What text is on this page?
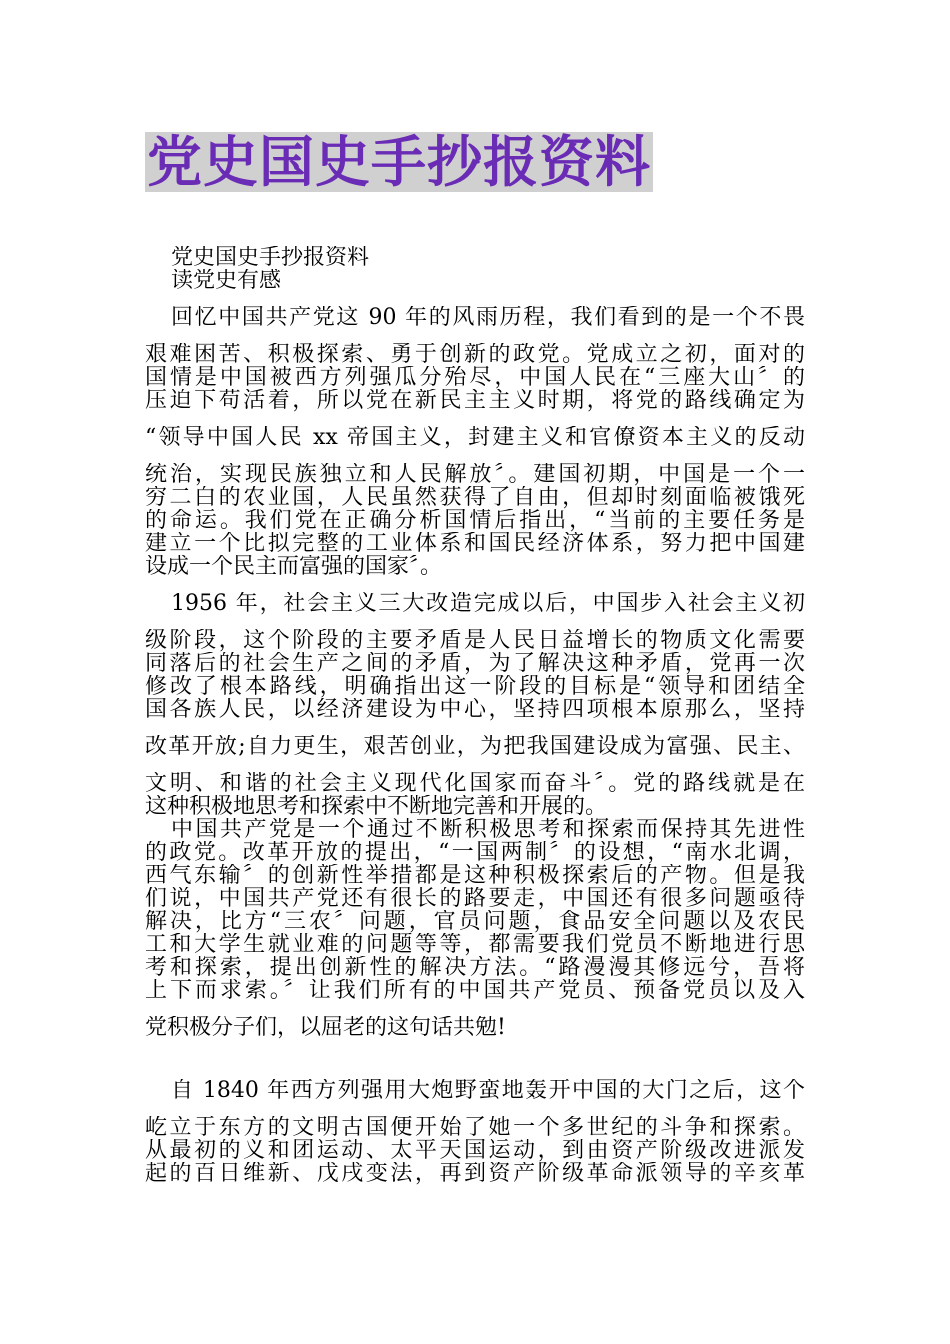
党史国史手抄报资料

党史国史手抄报资料

读党史有感

回忆中国共产党这 90 年的风雨历程，我们看到的是一个不畏

艰难困苦、积极探索、勇于创新的政党。党成立之初，面对的

国情是中国被西方列强瓜分殆尽，中国人民在“三座大山〞的

压迫下苟活着，所以党在新民主主义时期，将党的路线确定为

“领导中国人民 xx 帝国主义，封建主义和官僚资本主义的反动

统治，实现民族独立和人民解放〞。建国初期，中国是一个一

穷二白的农业国，人民虽然获得了自由，但却时刻面临被饿死

的命运。我们党在正确分析国情后指出，“当前的主要任务是

建立一个比拟完整的工业体系和国民经济体系，努力把中国建

设成一个民主而富强的国家〞。

1956 年，社会主义三大改造完成以后，中国步入社会主义初

级阶段，这个阶段的主要矛盾是人民日益增长的物质文化需要

同落后的社会生产之间的矛盾，为了解决这种矛盾，党再一次

修改了根本路线，明确指出这一阶段的目标是“领导和团结全

国各族人民，以经济建设为中心，坚持四项根本原那么，坚持

改革开放;自力更生，艰苦创业，为把我国建设成为富强、民主、

文明、和谐的社会主义现代化国家而奋斗〞。党的路线就是在

这种积极地思考和探索中不断地完善和开展的。

中国共产党是一个通过不断积极思考和探索而保持其先进性

的政党。改革开放的提出，“一国两制〞的设想，“南水北调，

西气东输〞的创新性举措都是这种积极探索后的产物。但是我

们说，中国共产党还有很长的路要走，中国还有很多问题亟待

解决，比方“三农〞问题，官员问题，食品安全问题以及农民

工和大学生就业难的问题等等，都需要我们党员不断地进行思

考和探索，提出创新性的解决方法。“路漫漫其修远兮，吾将

上下而求索。〞让我们所有的中国共产党员、预备党员以及入

党积极分子们，以屈老的这句话共勉!

自 1840 年西方列强用大炮野蛮地轰开中国的大门之后，这个

屹立于东方的文明古国便开始了她一个多世纪的斗争和探索。

从最初的义和团运动、太平天国运动，到由资产阶级改进派发

起的百日维新、戊戌变法，再到资产阶级革命派领导的辛亥革
